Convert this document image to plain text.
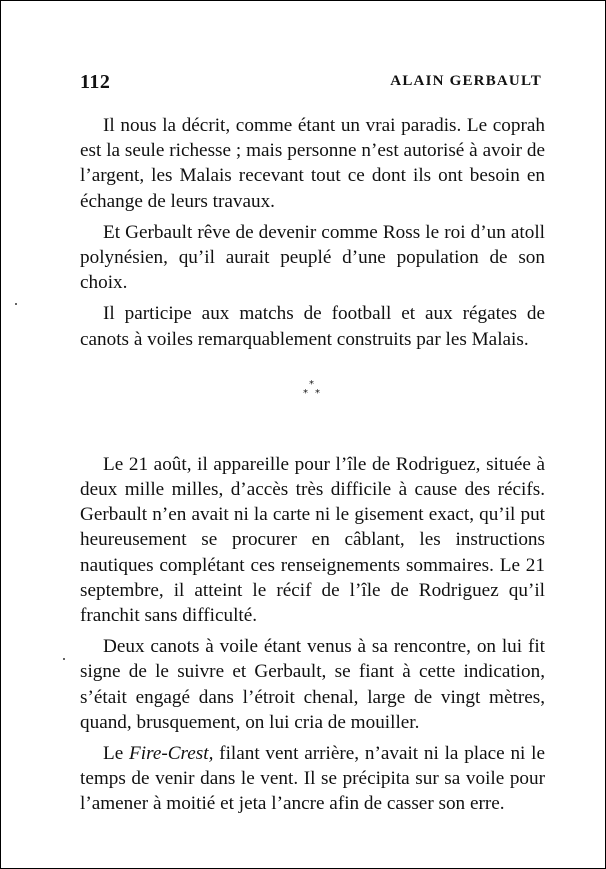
112	ALAIN GERBAULT

Il nous la décrit, comme étant un vrai paradis. Le coprah est la seule richesse ; mais personne n’est autorisé à avoir de l’argent, les Malais recevant tout ce dont ils ont besoin en échange de leurs travaux.

Et Gerbault rêve de devenir comme Ross le roi d’un atoll polynésien, qu’il aurait peuplé d’une population de son choix.

Il participe aux matchs de football et aux régates de canots à voiles remarquablement construits par les Malais.

*
* *

Le 21 août, il appareille pour l’île de Rodriguez, située à deux mille milles, d’accès très difficile à cause des récifs. Gerbault n’en avait ni la carte ni le gisement exact, qu’il put heureusement se procurer en câblant, les instructions nautiques complétant ces renseignements sommaires. Le 21 septembre, il atteint le récif de l’île de Rodriguez qu’il franchit sans difficulté.

Deux canots à voile étant venus à sa rencontre, on lui fit signe de le suivre et Gerbault, se fiant à cette indication, s’était engagé dans l’étroit chenal, large de vingt mètres, quand, brusquement, on lui cria de mouiller.

Le Fire-Crest, filant vent arrière, n’avait ni la place ni le temps de venir dans le vent. Il se précipita sur sa voile pour l’amener à moitié et jeta l’ancre afin de casser son erre.
